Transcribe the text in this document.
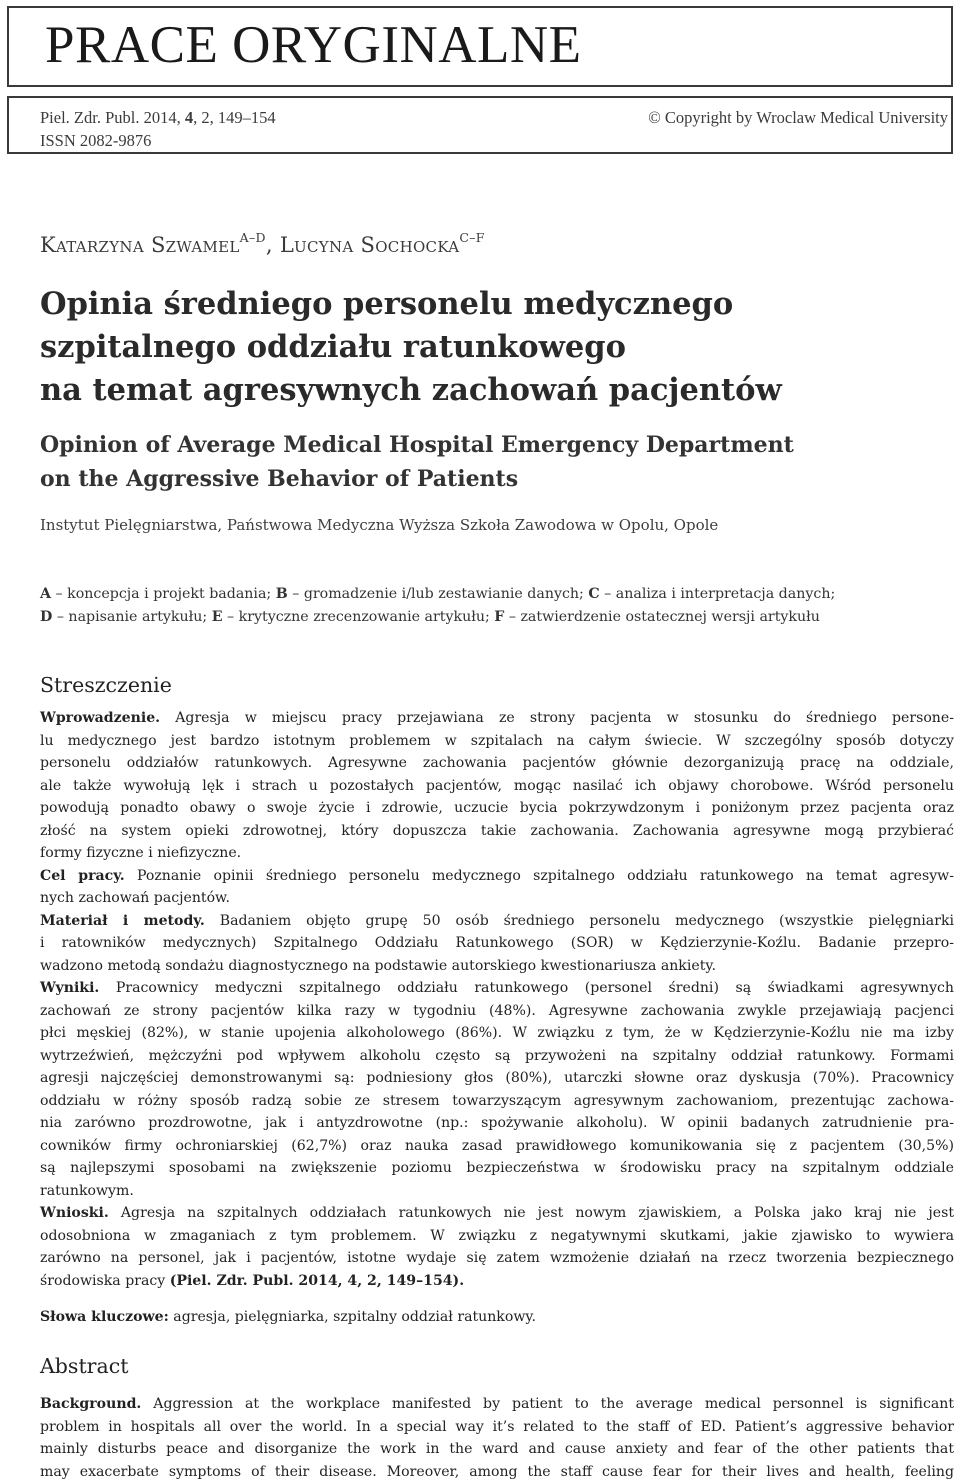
PRACE ORYGINALNE
Piel. Zdr. Publ. 2014, 4, 2, 149–154
ISSN 2082-9876
© Copyright by Wroclaw Medical University

Katarzyna Szwamel$^{A-D}$, Lucyna Sochocka$^{C-F}$

Opinia średniego personelu medycznego
szpitalnego oddziału ratunkowego
na temat agresywnych zachowań pacjentów
Opinion of Average Medical Hospital Emergency Department
on the Aggressive Behavior of Patients
Instytut Pielęgniarstwa, Państwowa Medyczna Wyższa Szkoła Zawodowa w Opolu, Opole

A – koncepcja i projekt badania; B – gromadzenie i/lub zestawianie danych; C – analiza i interpretacja danych;

D – napisanie artykułu; E – krytyczne zrecenzowanie artykułu; F – zatwierdzenie ostatecznej wersji artykułu

Streszczenie
Wprowadzenie. Agresja w miejscu pracy przejawiana ze strony pacjenta w stosunku do średniego persone-
lu medycznego jest bardzo istotnym problemem w szpitalach na całym świecie. W szczególny sposób dotyczy
personelu oddziałów ratunkowych. Agresywne zachowania pacjentów głównie dezorganizują pracę na oddziale,
ale także wywołują lęk i strach u pozostałych pacjentów, mogąc nasilać ich objawy chorobowe. Wśród personelu
powodują ponadto obawy o swoje życie i zdrowie, uczucie bycia pokrzywdzonym i poniżonym przez pacjenta oraz
złość na system opieki zdrowotnej, który dopuszcza takie zachowania. Zachowania agresywne mogą przybierać
formy fizyczne i niefizyczne.
Cel pracy. Poznanie opinii średniego personelu medycznego szpitalnego oddziału ratunkowego na temat agresyw-
nych zachowań pacjentów.
Materiał i metody. Badaniem objęto grupę 50 osób średniego personelu medycznego (wszystkie pielęgniarki
i ratowników medycznych) Szpitalnego Oddziału Ratunkowego (SOR) w Kędzierzynie-Koźlu. Badanie przepro-
wadzono metodą sondażu diagnostycznego na podstawie autorskiego kwestionariusza ankiety.
Wyniki. Pracownicy medyczni szpitalnego oddziału ratunkowego (personel średni) są świadkami agresywnych
zachowań ze strony pacjentów kilka razy w tygodniu (48%). Agresywne zachowania zwykle przejawiają pacjenci
płci męskiej (82%), w stanie upojenia alkoholowego (86%). W związku z tym, że w Kędzierzynie-Koźlu nie ma izby
wytrzeźwień, mężczyźni pod wpływem alkoholu często są przywożeni na szpitalny oddział ratunkowy. Formami
agresji najczęściej demonstrowanymi są: podniesiony głos (80%), utarczki słowne oraz dyskusja (70%). Pracownicy
oddziału w różny sposób radzą sobie ze stresem towarzyszącym agresywnym zachowaniom, prezentując zachowa-
nia zarówno prozdrowotne, jak i antyzdrowotne (np.: spożywanie alkoholu). W opinii badanych zatrudnienie pra-
cowników firmy ochroniarskiej (62,7%) oraz nauka zasad prawidłowego komunikowania się z pacjentem (30,5%)
są najlepszymi sposobami na zwiększenie poziomu bezpieczeństwa w środowisku pracy na szpitalnym oddziale
ratunkowym.
Wnioski. Agresja na szpitalnych oddziałach ratunkowych nie jest nowym zjawiskiem, a Polska jako kraj nie jest
odosobniona w zmaganiach z tym problemem. W związku z negatywnymi skutkami, jakie zjawisko to wywiera
zarówno na personel, jak i pacjentów, istotne wydaje się zatem wzmożenie działań na rzecz tworzenia bezpiecznego
środowiska pracy (Piel. Zdr. Publ. 2014, 4, 2, 149–154).
Słowa kluczowe: agresja, pielęgniarka, szpitalny oddział ratunkowy.
Abstract
Background. Aggression at the workplace manifested by patient to the average medical personnel is significant
problem in hospitals all over the world. In a special way it’s related to the staff of ED. Patient’s aggressive behavior
mainly disturbs peace and disorganize the work in the ward and cause anxiety and fear of the other patients that
may exacerbate symptoms of their disease. Moreover, among the staff cause fear for their lives and health, feeling
